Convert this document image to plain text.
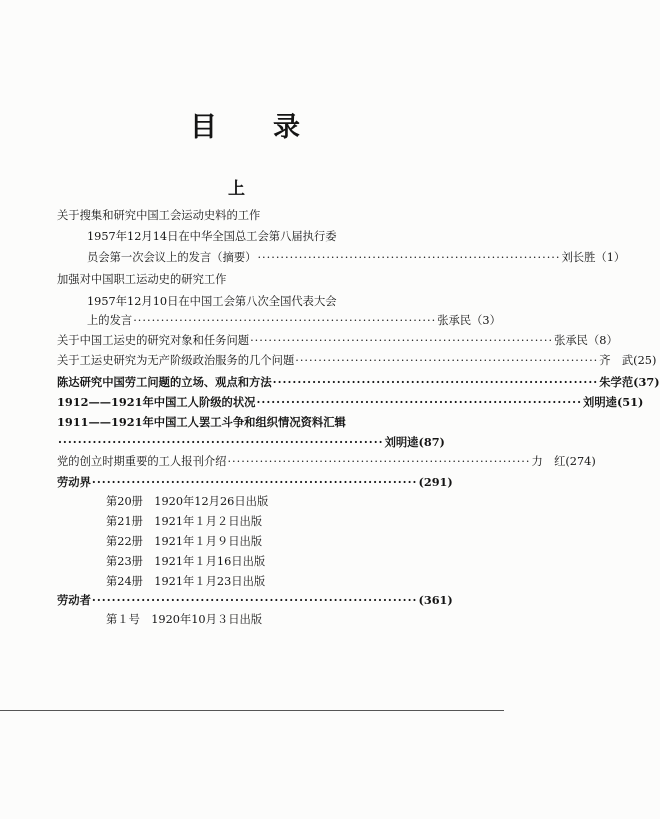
目 录
上
关于搜集和研究中国工会运动史料的工作
1957年12月14日在中华全国总工会第八届执行委
员会第一次会议上的发言（摘要） ·································································· 刘长胜 （1）
加强对中国职工运动史的研究工作
1957年12月10日在中国工会第八次全国代表大会
上的发言 ·································································· 张承民 （3）
关于中国工运史的研究对象和任务问题 ·································································· 张承民 （8）
关于工运史研究为无产阶级政治服务的几个问题 ·································································· 齐　武 (25)
陈达研究中国劳工问题的立场、观点和方法 ·································································· 朱学范 (37)
1912——1921年中国工人阶级的状况 ·································································· 刘明逵 (51)
1911——1921年中国工人罢工斗争和组织情况资料汇辑
·································································· 刘明逵 (87)
党的创立时期重要的工人报刊介绍 ·································································· 力　红 (274)
劳动界 ·································································· (291)
第20册　1920年12月26日出版
第21册　1921年１月２日出版
第22册　1921年１月９日出版
第23册　1921年１月16日出版
第24册　1921年１月23日出版
劳动者 ·································································· (361)
第１号　1920年10月３日出版
